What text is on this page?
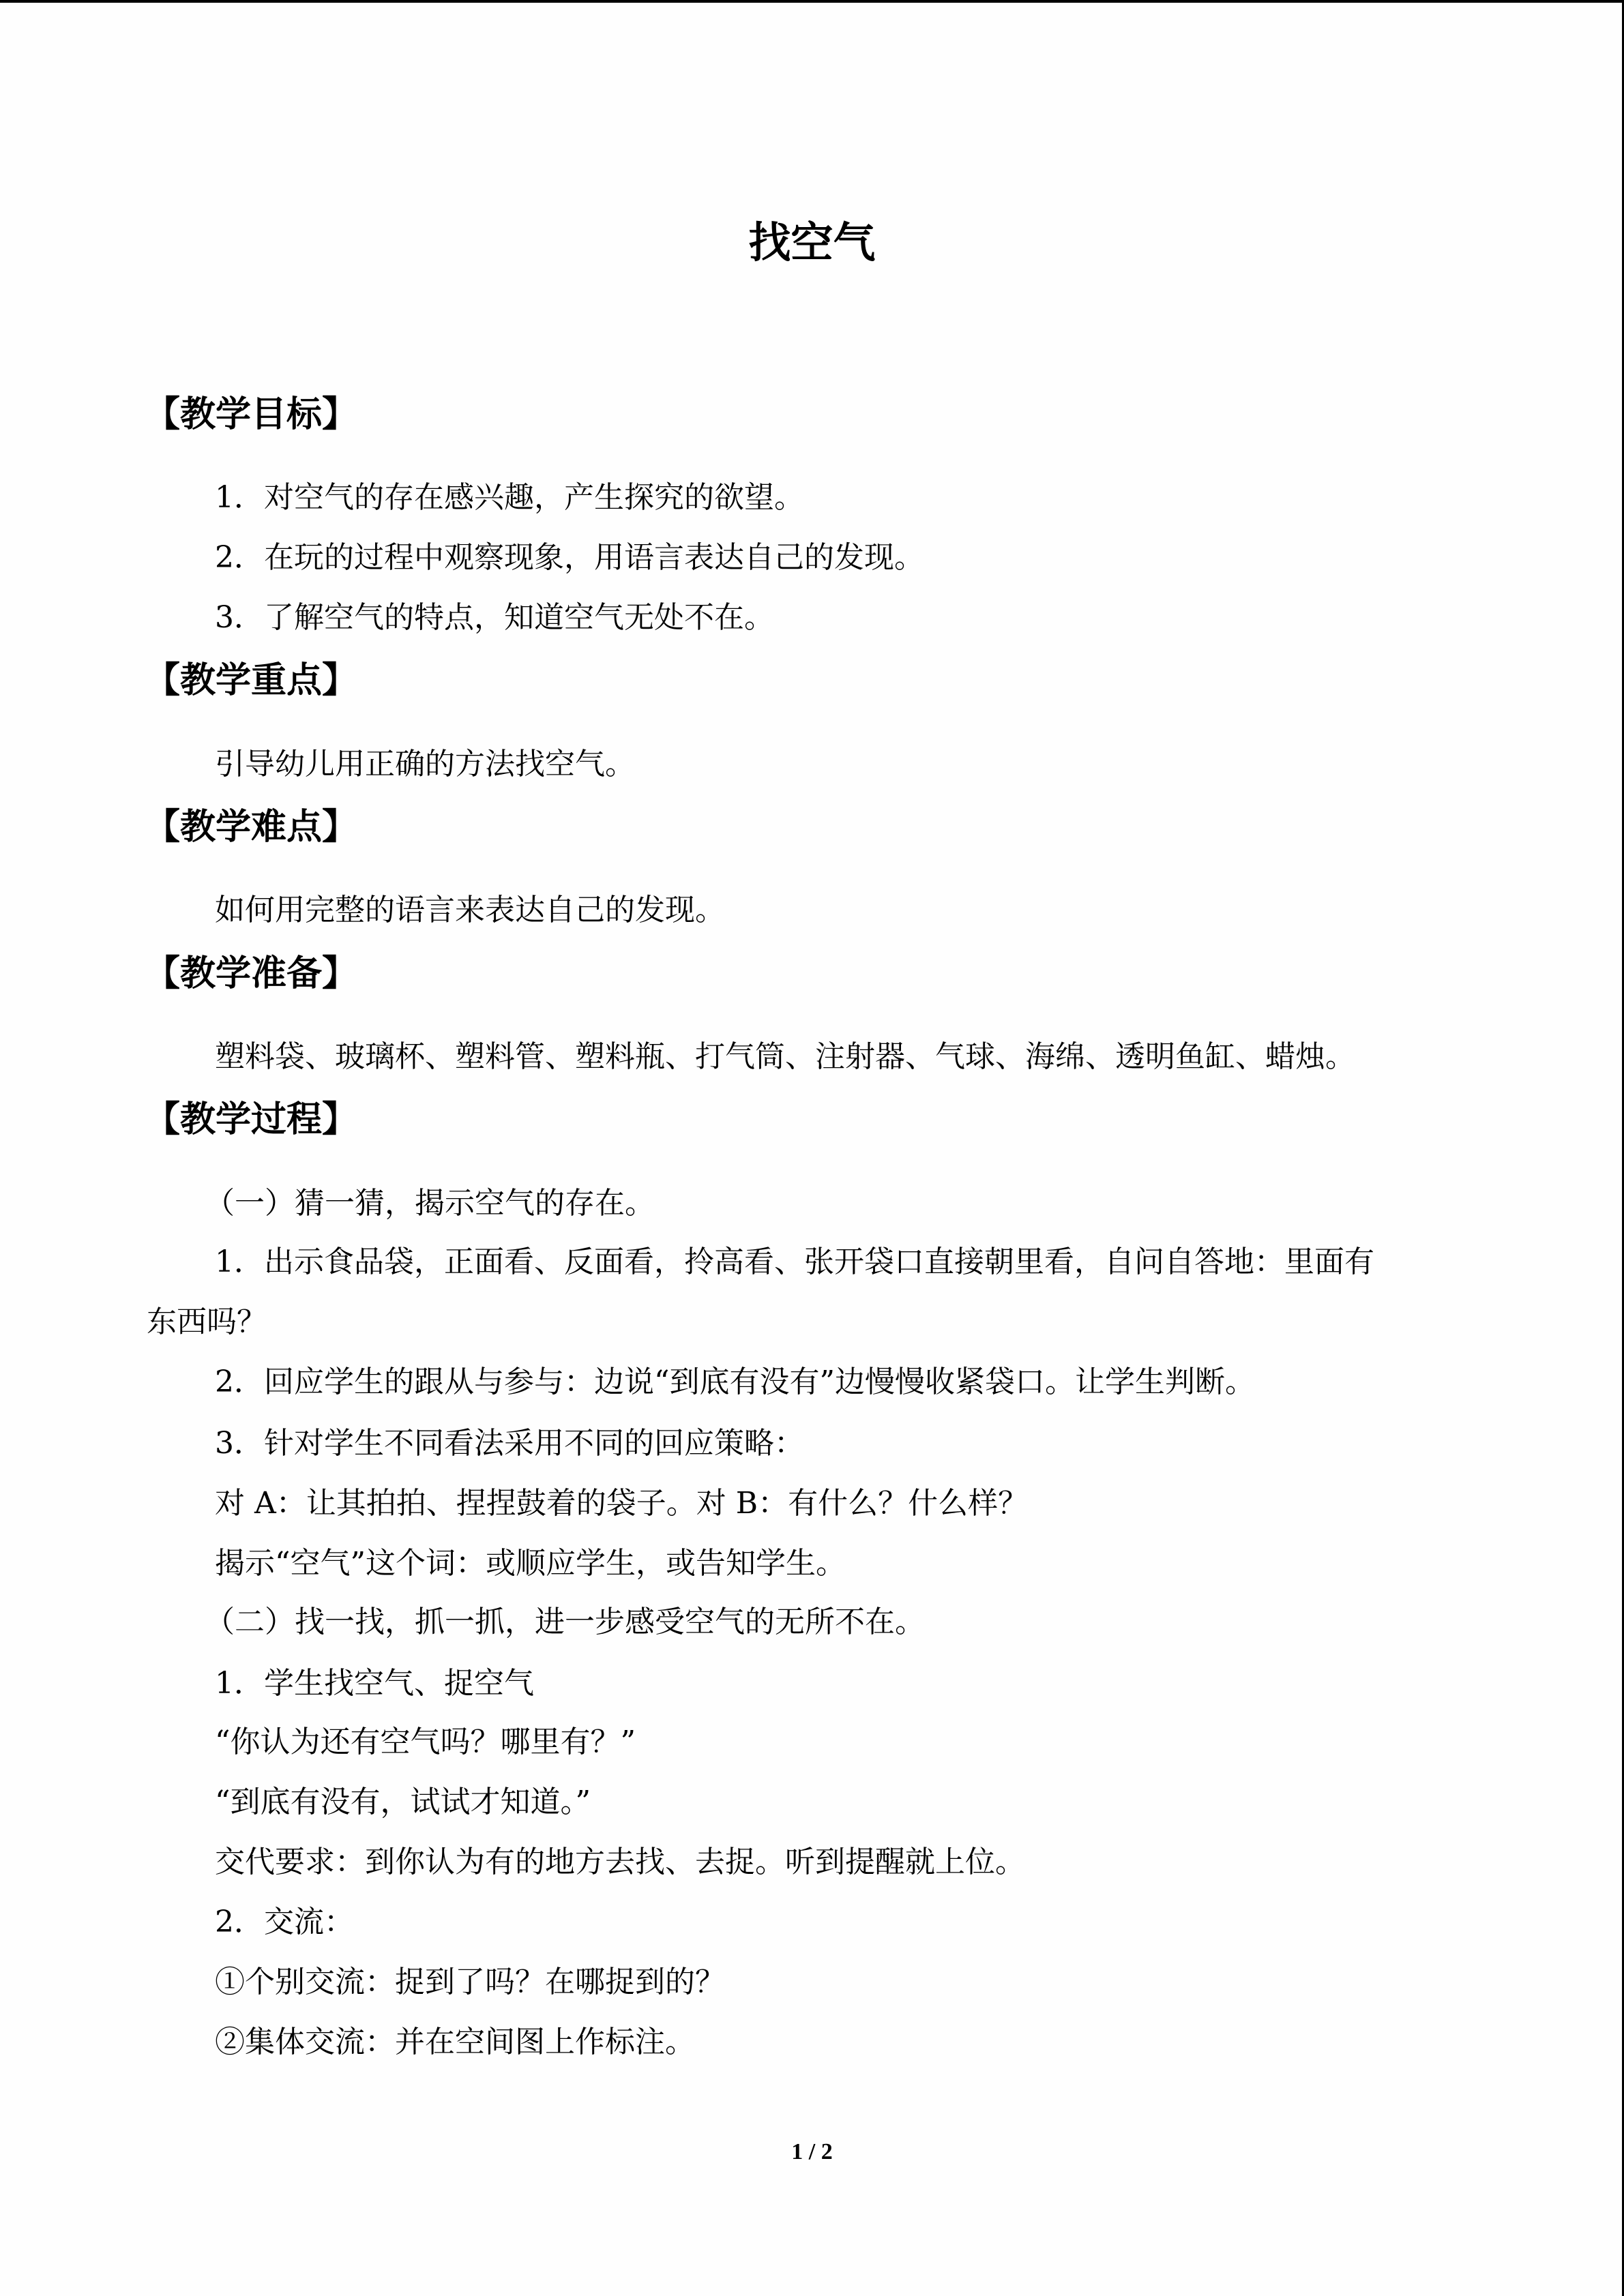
找空气
【教学目标】
1．对空气的存在感兴趣，产生探究的欲望。
2．在玩的过程中观察现象，用语言表达自己的发现。
3．了解空气的特点，知道空气无处不在。
【教学重点】
引导幼儿用正确的方法找空气。
【教学难点】
如何用完整的语言来表达自己的发现。
【教学准备】
塑料袋、玻璃杯、塑料管、塑料瓶、打气筒、注射器、气球、海绵、透明鱼缸、蜡烛。
【教学过程】
（一）猜一猜，揭示空气的存在。
1．出示食品袋，正面看、反面看，拎高看、张开袋口直接朝里看，自问自答地：里面有
东西吗？
2．回应学生的跟从与参与：边说“到底有没有”边慢慢收紧袋口。让学生判断。
3．针对学生不同看法采用不同的回应策略：
对 A：让其拍拍、捏捏鼓着的袋子。对 B：有什么？什么样？
揭示“空气”这个词：或顺应学生，或告知学生。
（二）找一找，抓一抓，进一步感受空气的无所不在。
1．学生找空气、捉空气
“你认为还有空气吗？哪里有？”
“到底有没有，试试才知道。”
交代要求：到你认为有的地方去找、去捉。听到提醒就上位。
2．交流：
①个别交流：捉到了吗？在哪捉到的？
②集体交流：并在空间图上作标注。
1 / 2
